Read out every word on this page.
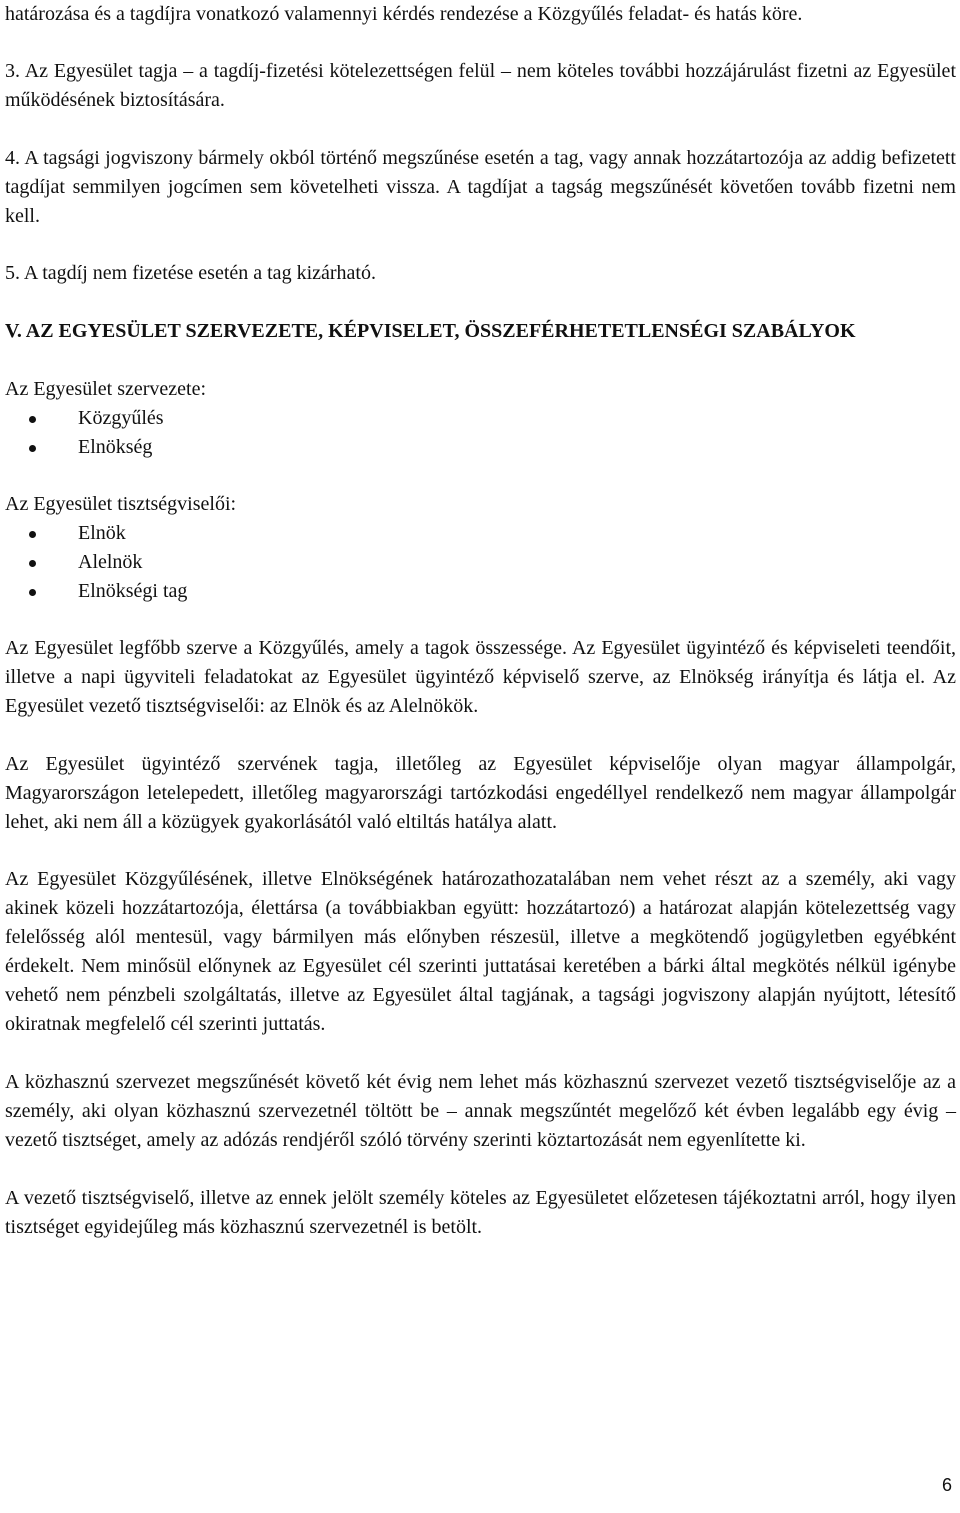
határozása és a tagdíjra vonatkozó valamennyi kérdés rendezése a Közgyűlés feladat- és hatás köre.

3. Az Egyesület tagja – a tagdíj-fizetési kötelezettségen felül – nem köteles további hozzájárulást fizetni az Egyesület működésének biztosítására.

4. A tagsági jogviszony bármely okból történő megszűnése esetén a tag, vagy annak hozzátartozója az addig befizetett tagdíjat semmilyen jogcímen sem követelheti vissza. A tagdíjat a tagság megszűnését követően tovább fizetni nem kell.

5. A tagdíj nem fizetése esetén a tag kizárható.

V. AZ EGYESÜLET SZERVEZETE, KÉPVISELET, ÖSSZEFÉRHETETLENSÉGI SZABÁLYOK

Az Egyesület szervezete:

Közgyűlés
Elnökség

Az Egyesület tisztségviselői:

Elnök
Alelnök
Elnökségi tag

Az Egyesület legfőbb szerve a Közgyűlés, amely a tagok összessége. Az Egyesület ügyintéző és képviseleti teendőit, illetve a napi ügyviteli feladatokat az Egyesület ügyintéző képviselő szerve, az Elnökség irányítja és látja el. Az Egyesület vezető tisztségviselői: az Elnök és az Alelnökök.

Az Egyesület ügyintéző szervének tagja, illetőleg az Egyesület képviselője olyan magyar állampolgár, Magyarországon letelepedett, illetőleg magyarországi tartózkodási engedéllyel rendelkező nem magyar állampolgár lehet, aki nem áll a közügyek gyakorlásától való eltiltás hatálya alatt.

Az Egyesület Közgyűlésének, illetve Elnökségének határozathozatalában nem vehet részt az a személy, aki vagy akinek közeli hozzátartozója, élettársa (a továbbiakban együtt: hozzátartozó) a határozat alapján kötelezettség vagy felelősség alól mentesül, vagy bármilyen más előnyben részesül, illetve a megkötendő jogügyletben egyébként érdekelt. Nem minősül előnynek az Egyesület cél szerinti juttatásai keretében a bárki által megkötés nélkül igénybe vehető nem pénzbeli szolgáltatás, illetve az Egyesület által tagjának, a tagsági jogviszony alapján nyújtott, létesítő okiratnak megfelelő cél szerinti juttatás.

A közhasznú szervezet megszűnését követő két évig nem lehet más közhasznú szervezet vezető tisztségviselője az a személy, aki olyan közhasznú szervezetnél töltött be – annak megszűntét megelőző két évben legalább egy évig – vezető tisztséget, amely az adózás rendjéről szóló törvény szerinti köztartozását nem egyenlítette ki.

A vezető tisztségviselő, illetve az ennek jelölt személy köteles az Egyesületet előzetesen tájékoztatni arról, hogy ilyen tisztséget egyidejűleg más közhasznú szervezetnél is betölt.

6
